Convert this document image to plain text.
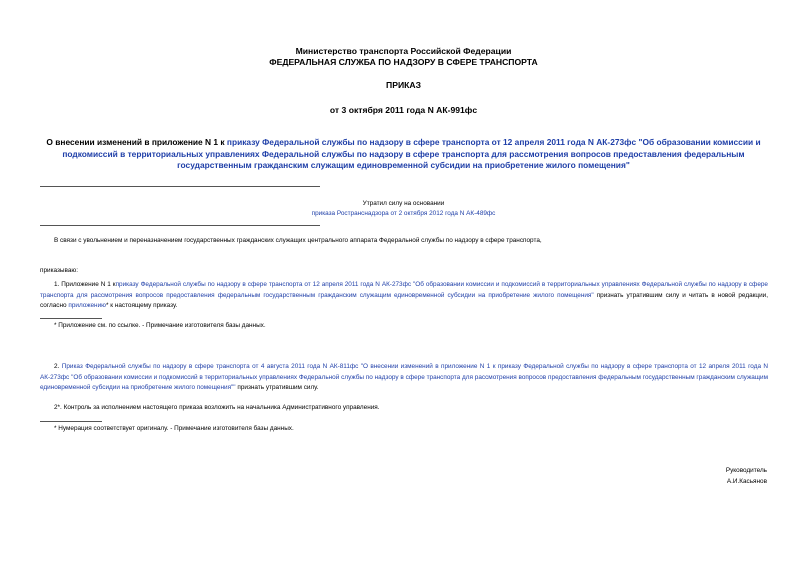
Министерство транспорта Российской Федерации
ФЕДЕРАЛЬНАЯ СЛУЖБА ПО НАДЗОРУ В СФЕРЕ ТРАНСПОРТА
ПРИКАЗ
от 3 октября 2011 года N АК-991фс
О внесении изменений в приложение N 1 к приказу Федеральной службы по надзору в сфере транспорта от 12 апреля 2011 года N АК-273фс "Об образовании комиссии и подкомиссий в территориальных управлениях Федеральной службы по надзору в сфере транспорта для рассмотрения вопросов предоставления федеральным государственным гражданским служащим единовременной субсидии на приобретение жилого помещения"
Утратил силу на основании
приказа Ространснадзора от 2 октября 2012 года N АК-489фс
В связи с увольнением и переназначением государственных гражданских служащих центрального аппарата Федеральной службы по надзору в сфере транспорта,
приказываю:
1. Приложение N 1 кприказу Федеральной службы по надзору в сфере транспорта от 12 апреля 2011 года N АК-273фс "Об образовании комиссии и подкомиссий в территориальных управлениях Федеральной службы по надзору в сфере транспорта для рассмотрения вопросов предоставления федеральным государственным гражданским служащим единовременной субсидии на приобретение жилого помещения" признать утратившим силу и читать в новой редакции, согласно приложению* к настоящему приказу.
* Приложение см. по ссылке. - Примечание изготовителя базы данных.
2. Приказ Федеральной службы по надзору в сфере транспорта от 4 августа 2011 года N АК-811фс "О внесении изменений в приложение N 1 к приказу Федеральной службы по надзору в сфере транспорта от 12 апреля 2011 года N АК-273фс "Об образовании комиссии и подкомиссий в территориальных управлениях Федеральной службы по надзору в сфере транспорта для рассмотрения вопросов предоставления федеральным государственным гражданским служащим единовременной субсидии на приобретение жилого помещения"" признать утратившим силу.
2*. Контроль за исполнением настоящего приказа возложить на начальника Административного управления.
* Нумерация соответствует оригиналу. - Примечание изготовителя базы данных.
Руководитель
А.И.Касьянов
